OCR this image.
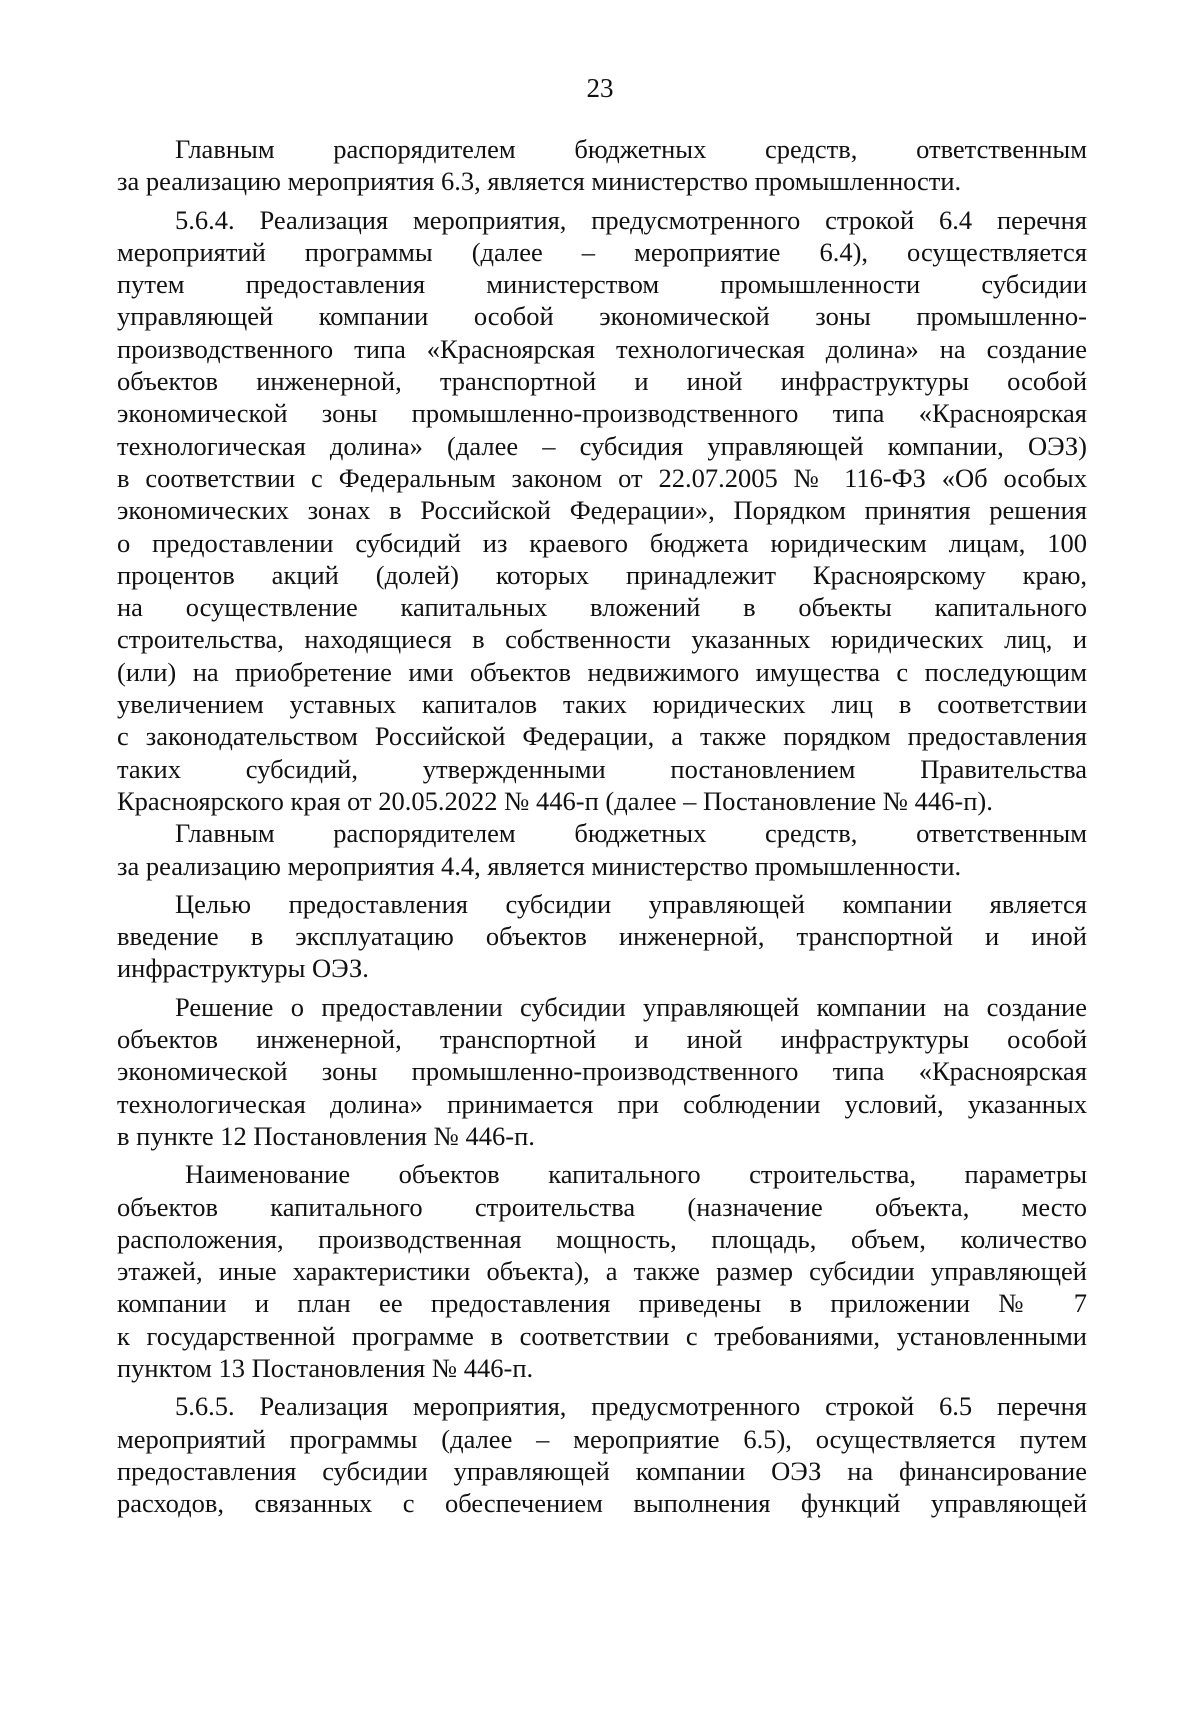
23

Главным распорядителем бюджетных средств, ответственным
за реализацию мероприятия 6.3, является министерство промышленности.

5.6.4. Реализация мероприятия, предусмотренного строкой 6.4 перечня
мероприятий программы (далее – мероприятие 6.4), осуществляется
путем предоставления министерством промышленности субсидии
управляющей компании особой экономической зоны промышленно-
производственного типа «Красноярская технологическая долина» на создание
объектов инженерной, транспортной и иной инфраструктуры особой
экономической зоны промышленно-производственного типа «Красноярская
технологическая долина» (далее – субсидия управляющей компании, ОЭЗ)
в соответствии с Федеральным законом от 22.07.2005 № 116-ФЗ «Об особых
экономических зонах в Российской Федерации», Порядком принятия решения
о предоставлении субсидий из краевого бюджета юридическим лицам, 100
процентов акций (долей) которых принадлежит Красноярскому краю,
на осуществление капитальных вложений в объекты капитального
строительства, находящиеся в собственности указанных юридических лиц, и
(или) на приобретение ими объектов недвижимого имущества с последующим
увеличением уставных капиталов таких юридических лиц в соответствии
с законодательством Российской Федерации, а также порядком предоставления
таких субсидий, утвержденными постановлением Правительства
Красноярского края от 20.05.2022 № 446-п (далее – Постановление № 446-п).

Главным распорядителем бюджетных средств, ответственным
за реализацию мероприятия 4.4, является министерство промышленности.

Целью предоставления субсидии управляющей компании является
введение в эксплуатацию объектов инженерной, транспортной и иной
инфраструктуры ОЭЗ.

Решение о предоставлении субсидии управляющей компании на создание
объектов инженерной, транспортной и иной инфраструктуры особой
экономической зоны промышленно-производственного типа «Красноярская
технологическая долина» принимается при соблюдении условий, указанных
в пункте 12 Постановления № 446-п.

Наименование объектов капитального строительства, параметры
объектов капитального строительства (назначение объекта, место
расположения, производственная мощность, площадь, объем, количество
этажей, иные характеристики объекта), а также размер субсидии управляющей
компании и план ее предоставления приведены в приложении № 7
к государственной программе в соответствии с требованиями, установленными
пунктом 13 Постановления № 446-п.

5.6.5. Реализация мероприятия, предусмотренного строкой 6.5 перечня
мероприятий программы (далее – мероприятие 6.5), осуществляется путем
предоставления субсидии управляющей компании ОЭЗ на финансирование
расходов, связанных с обеспечением выполнения функций управляющей
